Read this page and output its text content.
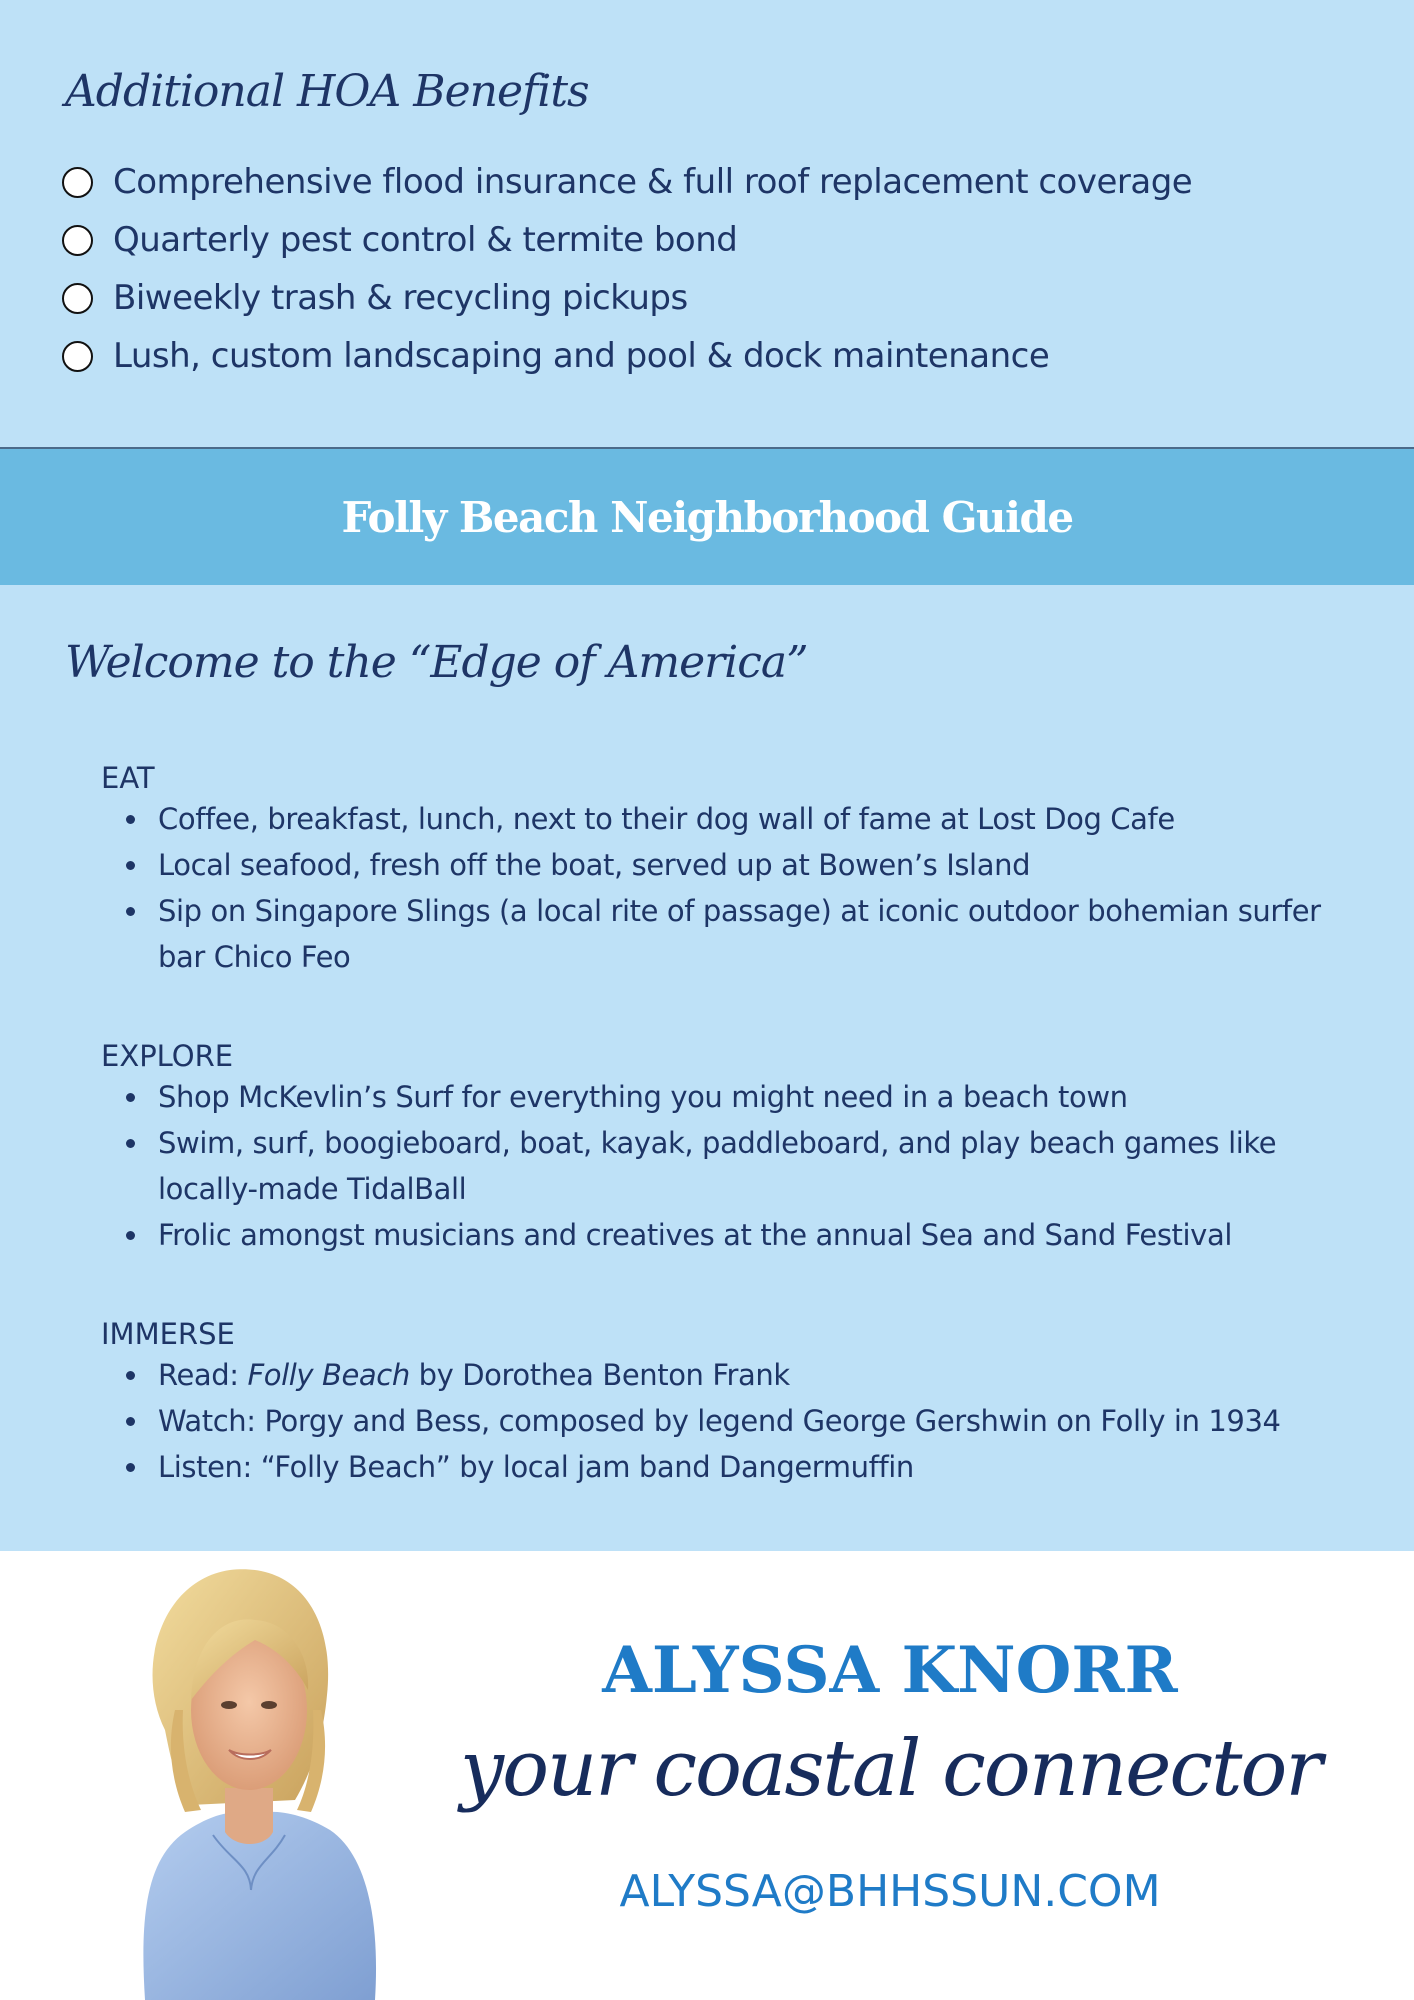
Additional HOA Benefits
Comprehensive flood insurance & full roof replacement coverage
Quarterly pest control & termite bond
Biweekly trash & recycling pickups
Lush, custom landscaping and pool & dock maintenance
Folly Beach Neighborhood Guide
Welcome to the “Edge of America”
EAT
Coffee, breakfast, lunch, next to their dog wall of fame at Lost Dog Cafe
Local seafood, fresh off the boat, served up at Bowen’s Island
Sip on Singapore Slings (a local rite of passage) at iconic outdoor bohemian surfer bar Chico Feo
EXPLORE
Shop McKevlin’s Surf for everything you might need in a beach town
Swim, surf, boogieboard, boat, kayak, paddleboard, and play beach games like locally-made TidalBall
Frolic amongst musicians and creatives at the annual Sea and Sand Festival
IMMERSE
Read: Folly Beach by Dorothea Benton Frank
Watch: Porgy and Bess, composed by legend George Gershwin on Folly in 1934
Listen: “Folly Beach” by local jam band Dangermuffin
ALYSSA KNORR
your coastal connector
ALYSSA@BHHSSUN.COM
